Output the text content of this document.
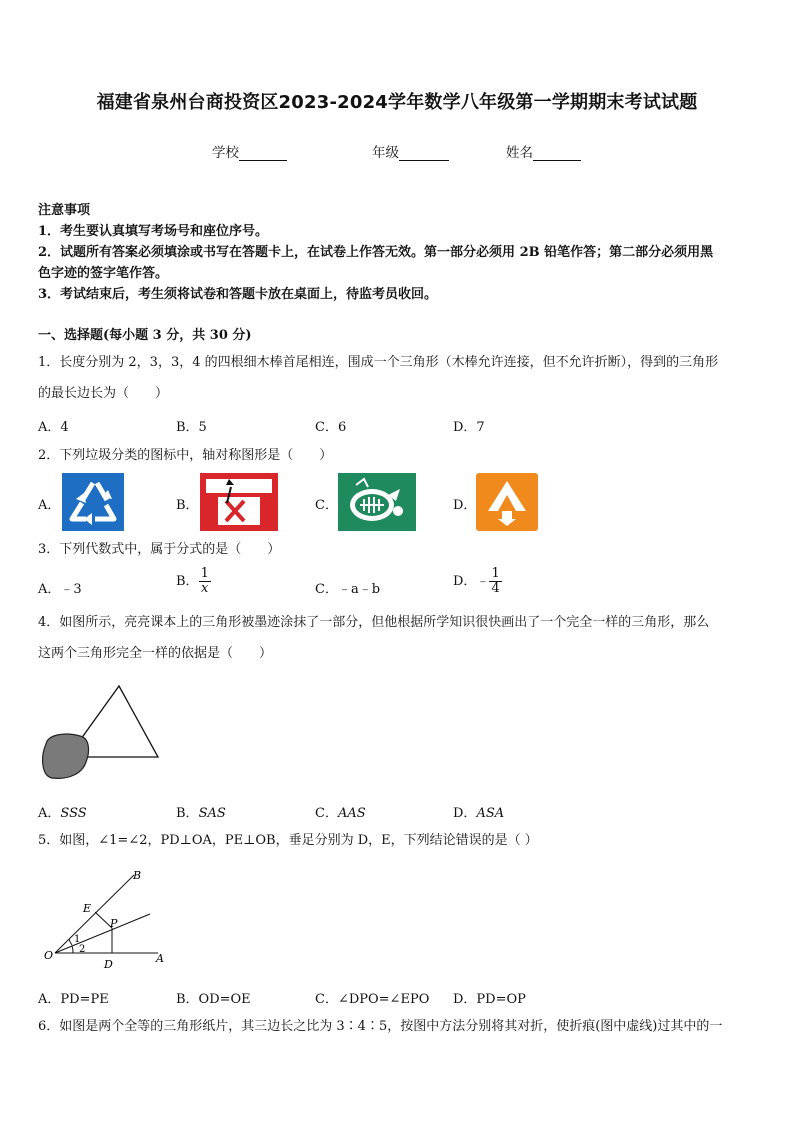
福建省泉州台商投资区2023-2024学年数学八年级第一学期期末考试试题
学校	年级	姓名
注意事项
1．考生要认真填写考场号和座位序号。
2．试题所有答案必须填涂或书写在答题卡上，在试卷上作答无效。第一部分必须用 2B 铅笔作答；第二部分必须用黑
色字迹的签字笔作答。
3．考试结束后，考生须将试卷和答题卡放在桌面上，待监考员收回。
一、选择题(每小题 3 分，共 30 分)
1．长度分别为 2，3，3，4 的四根细木棒首尾相连，围成一个三角形（木棒允许连接，但不允许折断），得到的三角形
的最长边长为（　　）
A．4	B．5	C．6	D．7
2．下列垃圾分类的图标中，轴对称图形是（　　）
A．	B．	C．	D．
3．下列代数式中，属于分式的是（　　）
A．﹣3
B． $\frac{1}{x}$	C．﹣a﹣b
D．﹣ $\frac{1}{4}$
4．如图所示，亮亮课本上的三角形被墨迹涂抹了一部分，但他根据所学知识很快画出了一个完全一样的三角形，那么
这两个三角形完全一样的依据是（　　）
A．SSS	B．SAS	C．AAS	D．ASA
5．如图，∠1=∠2，PD⊥OA，PE⊥OB，垂足分别为 D，E，下列结论错误的是（ ）
O	A
B
E
P
D
1
2
A．PD=PE	B．OD=OE	C．∠DPO=∠EPO D．PD=OP
6．如图是两个全等的三角形纸片，其三边长之比为 3∶4∶5，按图中方法分别将其对折，使折痕(图中虚线)过其中的一
